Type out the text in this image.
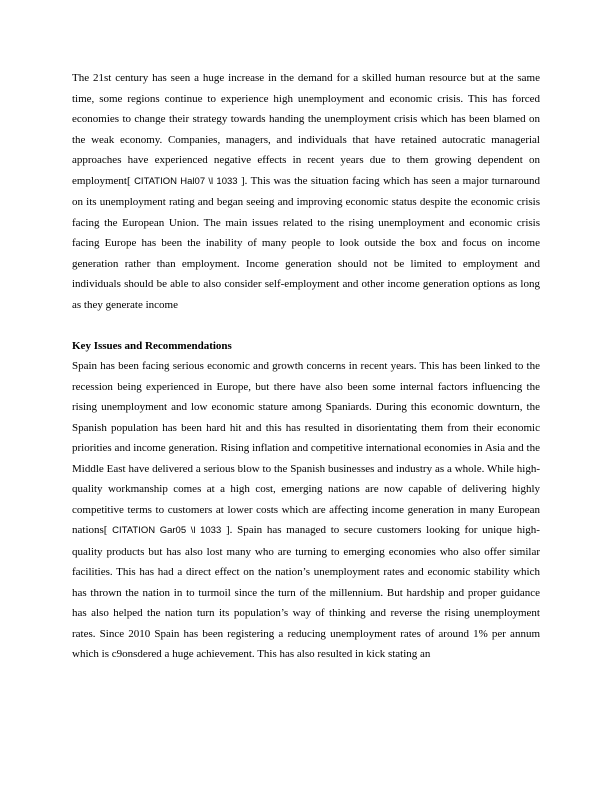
The 21st century has seen a huge increase in the demand for a skilled human resource but at the same time, some regions continue to experience high unemployment and economic crisis. This has forced economies to change their strategy towards handing the unemployment crisis which has been blamed on the weak economy. Companies, managers, and individuals that have retained autocratic managerial approaches have experienced negative effects in recent years due to them growing dependent on employment[ CITATION Hal07 \l 1033 ]. This was the situation facing which has seen a major turnaround on its unemployment rating and began seeing and improving economic status despite the economic crisis facing the European Union. The main issues related to the rising unemployment and economic crisis facing Europe has been the inability of many people to look outside the box and focus on income generation rather than employment. Income generation should not be limited to employment and individuals should be able to also consider self-employment and other income generation options as long as they generate income

Key Issues and Recommendations

Spain has been facing serious economic and growth concerns in recent years. This has been linked to the recession being experienced in Europe, but there have also been some internal factors influencing the rising unemployment and low economic stature among Spaniards. During this economic downturn, the Spanish population has been hard hit and this has resulted in disorientating them from their economic priorities and income generation. Rising inflation and competitive international economies in Asia and the Middle East have delivered a serious blow to the Spanish businesses and industry as a whole. While high-quality workmanship comes at a high cost, emerging nations are now capable of delivering highly competitive terms to customers at lower costs which are affecting income generation in many European nations[ CITATION Gar05 \l 1033 ]. Spain has managed to secure customers looking for unique high-quality products but has also lost many who are turning to emerging economies who also offer similar facilities. This has had a direct effect on the nation’s unemployment rates and economic stability which has thrown the nation in to turmoil since the turn of the millennium. But hardship and proper guidance has also helped the nation turn its population’s way of thinking and reverse the rising unemployment rates. Since 2010 Spain has been registering a reducing unemployment rates of around 1% per annum which is c9onsdered a huge achievement. This has also resulted in kick stating an
